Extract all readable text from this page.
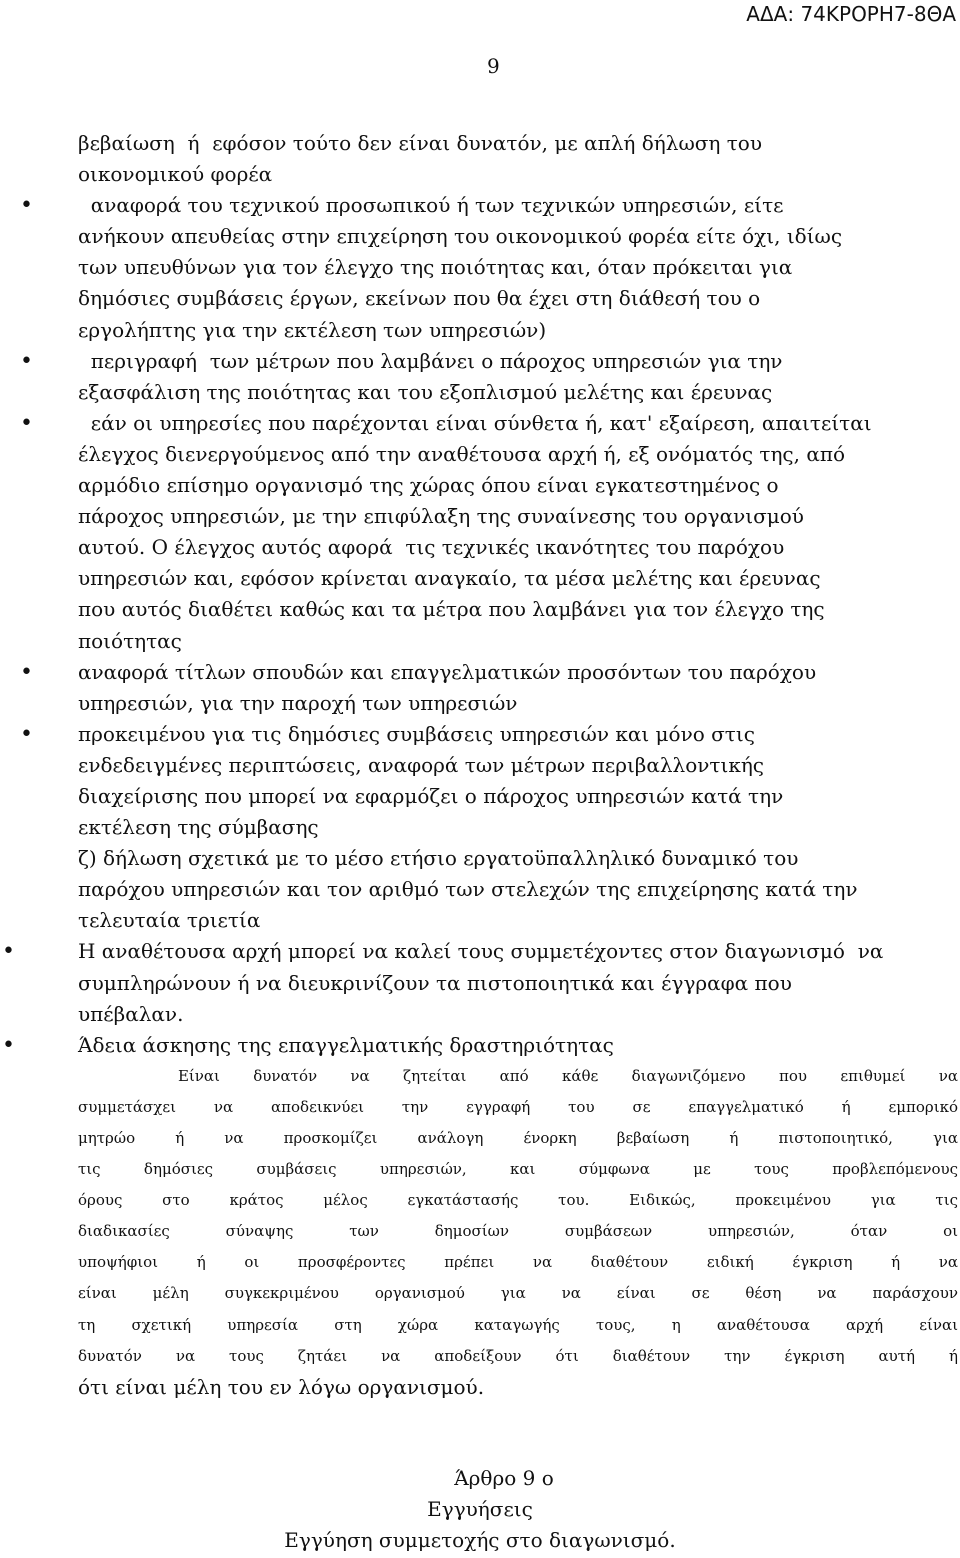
ΑΔΑ: 74ΚΡΟΡΗ7-8ΘΑ
9
βεβαίωση  ή  εφόσον τούτο δεν είναι δυνατόν, με απλή δήλωση του
οικονομικού φορέα
• αναφορά του τεχνικού προσωπικού ή των τεχνικών υπηρεσιών, είτε
ανήκουν απευθείας στην επιχείρηση του οικονομικού φορέα είτε όχι, ιδίως
των υπευθύνων για τον έλεγχο της ποιότητας και, όταν πρόκειται για
δημόσιες συμβάσεις έργων, εκείνων που θα έχει στη διάθεσή του ο
εργολήπτης για την εκτέλεση των υπηρεσιών)
• περιγραφή  των μέτρων που λαμβάνει ο πάροχος υπηρεσιών για την
εξασφάλιση της ποιότητας και του εξοπλισμού μελέτης και έρευνας
• εάν οι υπηρεσίες που παρέχονται είναι σύνθετα ή, κατ' εξαίρεση, απαιτείται
έλεγχος διενεργούμενος από την αναθέτουσα αρχή ή, εξ ονόματός της, από
αρμόδιο επίσημο οργανισμό της χώρας όπου είναι εγκατεστημένος ο
πάροχος υπηρεσιών, με την επιφύλαξη της συναίνεσης του οργανισμού
αυτού. Ο έλεγχος αυτός αφορά  τις τεχνικές ικανότητες του παρόχου
υπηρεσιών και, εφόσον κρίνεται αναγκαίο, τα μέσα μελέτης και έρευνας
που αυτός διαθέτει καθώς και τα μέτρα που λαμβάνει για τον έλεγχο της
ποιότητας
• αναφορά τίτλων σπουδών και επαγγελματικών προσόντων του παρόχου
υπηρεσιών, για την παροχή των υπηρεσιών
• προκειμένου για τις δημόσιες συμβάσεις υπηρεσιών και μόνο στις
ενδεδειγμένες περιπτώσεις, αναφορά των μέτρων περιβαλλοντικής
διαχείρισης που μπορεί να εφαρμόζει ο πάροχος υπηρεσιών κατά την
εκτέλεση της σύμβασης
ζ) δήλωση σχετικά με το μέσο ετήσιο εργατοϋπαλληλικό δυναμικό του
παρόχου υπηρεσιών και τον αριθμό των στελεχών της επιχείρησης κατά την
τελευταία τριετία
•	Η αναθέτουσα αρχή μπορεί να καλεί τους συμμετέχοντες στον διαγωνισμό  να
συμπληρώνουν ή να διευκρινίζουν τα πιστοποιητικά και έγγραφα που
υπέβαλαν.
•	Άδεια άσκησης της επαγγελματικής δραστηριότητας
Είναι δυνατόν να ζητείται από κάθε διαγωνιζόμενο που επιθυμεί να
συμμετάσχει να αποδεικνύει την εγγραφή του σε επαγγελματικό ή εμπορικό
μητρώο ή να προσκομίζει ανάλογη ένορκη βεβαίωση ή πιστοποιητικό, για
τις δημόσιες συμβάσεις υπηρεσιών, και σύμφωνα με τους προβλεπόμενους
όρους στο κράτος μέλος εγκατάστασής του. Ειδικώς, προκειμένου για τις
διαδικασίες σύναψης των δημοσίων συμβάσεων υπηρεσιών, όταν οι
υποψήφιοι ή οι προσφέροντες πρέπει να διαθέτουν ειδική έγκριση ή να
είναι μέλη συγκεκριμένου οργανισμού για να είναι σε θέση να παράσχουν
τη σχετική υπηρεσία στη χώρα καταγωγής τους, η αναθέτουσα αρχή είναι
δυνατόν να τους ζητάει να αποδείξουν ότι διαθέτουν την έγκριση αυτή ή
ότι είναι μέλη του εν λόγω οργανισμού.
Άρθρο 9 ο
Εγγυήσεις
Εγγύηση συμμετοχής στο διαγωνισμό.
